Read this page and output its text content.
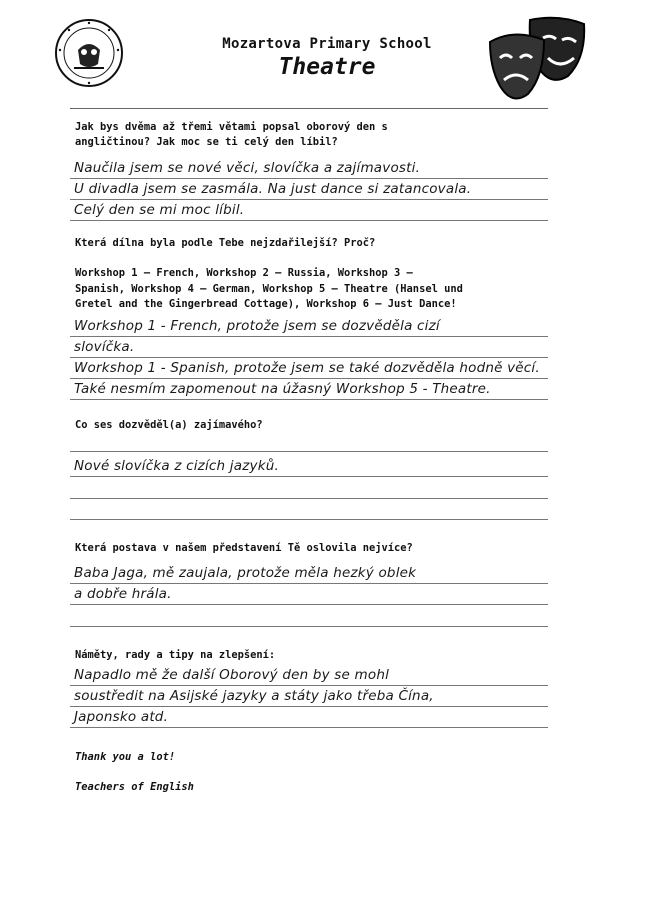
Mozartova Primary School
Theatre
Jak bys dvěma až třemi větami popsal oborový den s
angličtinou? Jak moc se ti celý den líbil?
Naučila jsem se nové věci, slovíčka a zajímavosti.
U divadla jsem se zasmála. Na just dance si zatancovala.
Celý den se mi moc líbil.
Která dílna byla podle Tebe nejzdařilejší? Proč?
Workshop 1 – French, Workshop 2 – Russia, Workshop 3 –
Spanish, Workshop 4 – German, Workshop 5 – Theatre (Hansel und
Gretel and the Gingerbread Cottage), Workshop 6 – Just Dance!
Workshop 1 - French, protože jsem se dozvěděla cizí
slovíčka.
Workshop 1 - Spanish, protože jsem se také dozvěděla hodně věcí.
Také nesmím zapomenout na úžasný Workshop 5 - Theatre.
Co ses dozvěděl(a) zajímavého?
Nové slovíčka z cizích jazyků.
Která postava v našem představení Tě oslovila nejvíce?
Baba Jaga, mě zaujala, protože měla hezký oblek
a dobře hrála.
Náměty, rady a tipy na zlepšení:
Napadlo mě že další Oborový den by se mohl
soustředit na Asijské jazyky a státy jako třeba Čína,
Japonsko atd.
Thank you a lot!
Teachers of English
